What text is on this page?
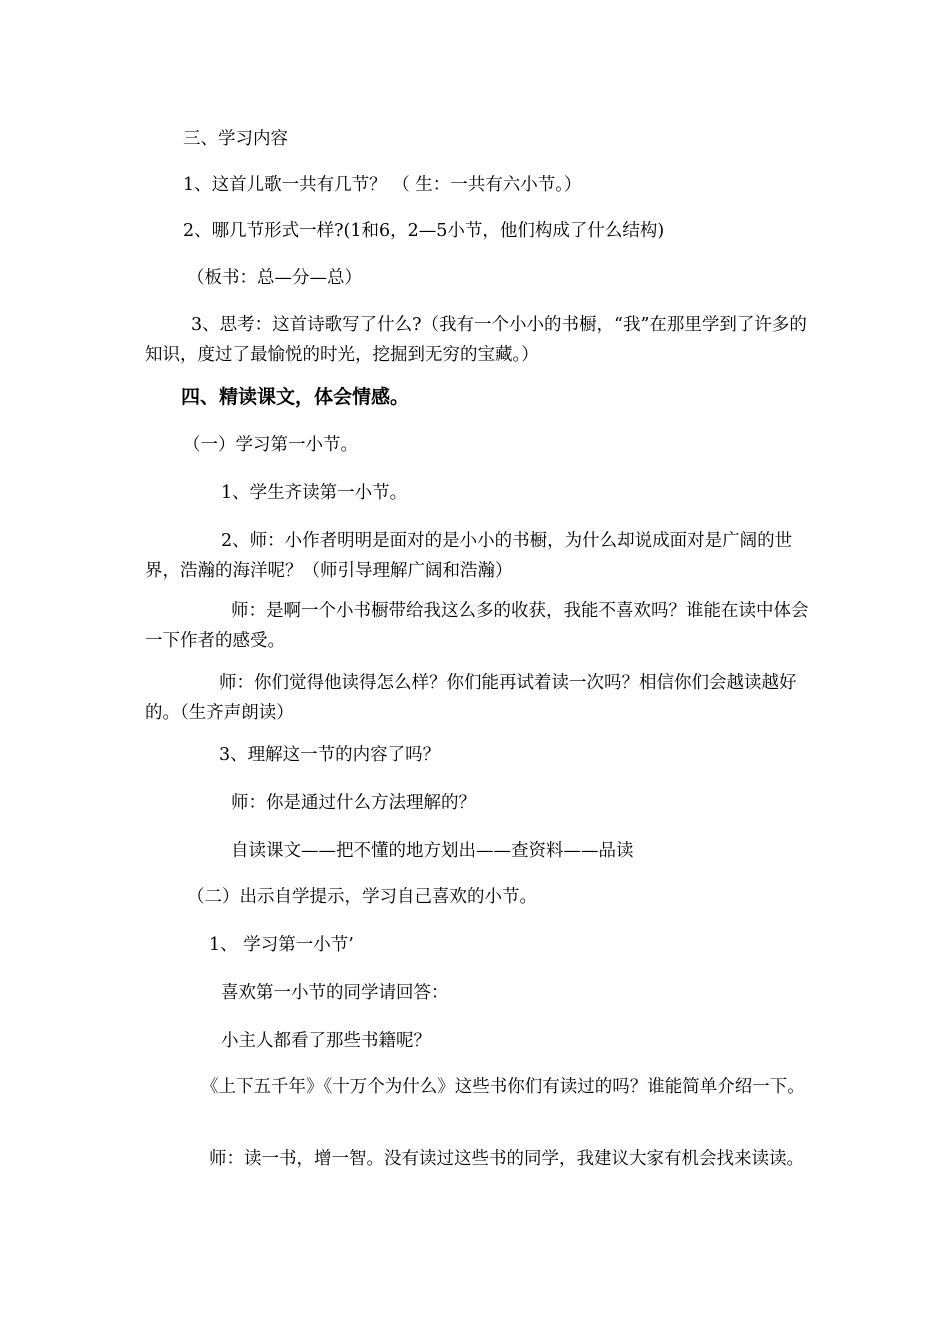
三、学习内容

1、这首儿歌一共有几节？ （ 生：一共有六小节。）

2、哪几节形式一样?(1和6，2—5小节，他们构成了什么结构)

（板书：总—分—总）

3、思考：这首诗歌写了什么?（我有一个小小的书橱，“我”在那里学到了许多的知识，度过了最愉悦的时光，挖掘到无穷的宝藏。）

四、精读课文，体会情感。

（一）学习第一小节。

1、学生齐读第一小节。

2、师：小作者明明是面对的是小小的书橱，为什么却说成面对是广阔的世界，浩瀚的海洋呢？（师引导理解广阔和浩瀚）

师：是啊一个小书橱带给我这么多的收获，我能不喜欢吗？谁能在读中体会一下作者的感受。

师：你们觉得他读得怎么样？你们能再试着读一次吗？相信你们会越读越好的。（生齐声朗读）

3、理解这一节的内容了吗？

师：你是通过什么方法理解的？

自读课文——把不懂的地方划出——查资料——品读

（二）出示自学提示，学习自己喜欢的小节。

1、 学习第一小节’

喜欢第一小节的同学请回答：

小主人都看了那些书籍呢？

《上下五千年》《十万个为什么》这些书你们有读过的吗？谁能简单介绍一下。

师：读一书，增一智。没有读过这些书的同学，我建议大家有机会找来读读。
